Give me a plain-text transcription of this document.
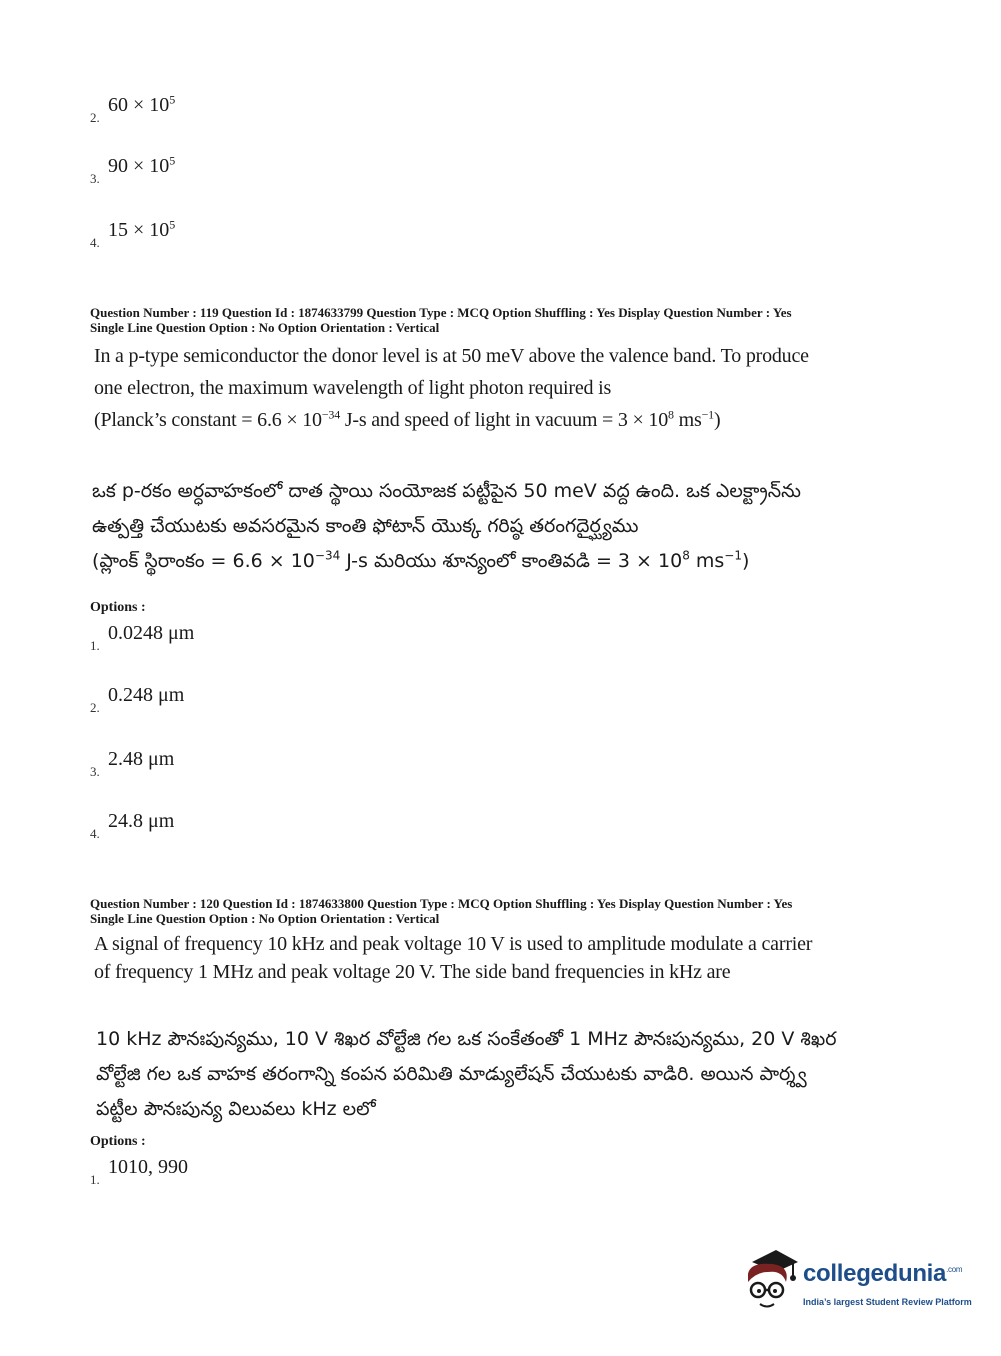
2.
$60 \times 10^5$
3.
$90 \times 10^5$
4.
$15 \times 10^5$
Question Number : 119 Question Id : 1874633799 Question Type : MCQ Option Shuffling : Yes Display Question Number : Yes
Single Line Question Option : No Option Orientation : Vertical
In a p-type semiconductor the donor level is at 50 meV above the valence band. To produce
one electron, the maximum wavelength of light photon required is
(Planck’s constant = $6.6 \times 10^{-34}$ J-s and speed of light in vacuum = $3 \times 10^8$ $ms^{-1}$)
ఒక p-రకం అర్ధవాహకంలో దాత స్థాయి సంయోజక పట్టీపైన 50 meV వద్ద ఉంది. ఒక ఎలక్ట్రాన్‌ను
ఉత్పత్తి చేయుటకు అవసరమైన కాంతి ఫోటాన్ యొక్క గరిష్ఠ తరంగదైర్ఘ్యము
(ప్లాంక్ స్థిరాంకం = $6.6 \times 10^{-34}$ J-s మరియు శూన్యంలో కాంతివడి = $3 \times 10^8$ $ms^{-1}$)
Options :
1.
0.0248 μm
2.
0.248 μm
3.
2.48 μm
4.
24.8 μm
Question Number : 120 Question Id : 1874633800 Question Type : MCQ Option Shuffling : Yes Display Question Number : Yes
Single Line Question Option : No Option Orientation : Vertical
A signal of frequency 10 kHz and peak voltage 10 V is used to amplitude modulate a carrier
of frequency 1 MHz and peak voltage 20 V. The side band frequencies in kHz are
10 kHz పౌనఃపున్యము, 10 V శిఖర వోల్టేజి గల ఒక సంకేతంతో 1 MHz పౌనఃపున్యము, 20 V శిఖర
వోల్టేజి గల ఒక వాహక తరంగాన్ని కంపన పరిమితి మాడ్యులేషన్ చేయుటకు వాడిరి. అయిన పార్శ్వ
పట్టీల పౌనఃపున్య విలువలు kHz లలో
Options :
1.
1010, 990
collegedunia$^{.com}$
India’s largest Student Review Platform
